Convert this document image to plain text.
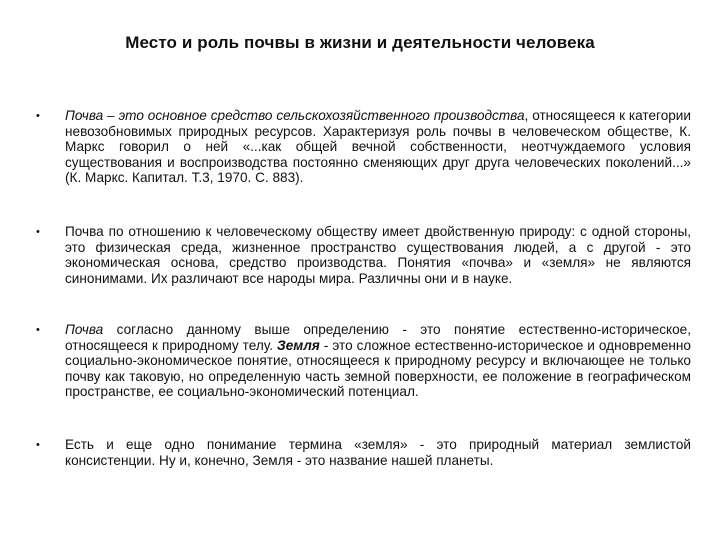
Место и роль почвы в жизни и деятельности человека
• Почва – это основное средство сельскохозяйственного производства, относящееся к категории невозобновимых природных ресурсов. Характеризуя роль почвы в человеческом обществе, К. Маркс говорил о ней «...как общей вечной собственности, неотчуждаемого условия существования и воспроизводства постоянно сменяющих друг друга человеческих поколений...» (К. Маркс. Капитал. Т.3, 1970. С. 883).
• Почва по отношению к человеческому обществу имеет двойственную природу: с одной стороны, это физическая среда, жизненное пространство существования людей, а с другой - это экономическая основа, средство производства. Понятия «почва» и «земля» не являются синонимами. Их различают все народы мира. Различны они и в науке.
• Почва согласно данному выше определению - это понятие естественно-историческое, относящееся к природному телу. Земля - это сложное естественно-историческое и одновременно социально-экономическое понятие, относящееся к природному ресурсу и включающее не только почву как таковую, но определенную часть земной поверхности, ее положение в географическом пространстве, ее социально-экономический потенциал.
• Есть и еще одно понимание термина «земля» - это природный материал землистой консистенции. Ну и, конечно, Земля - это название нашей планеты.
